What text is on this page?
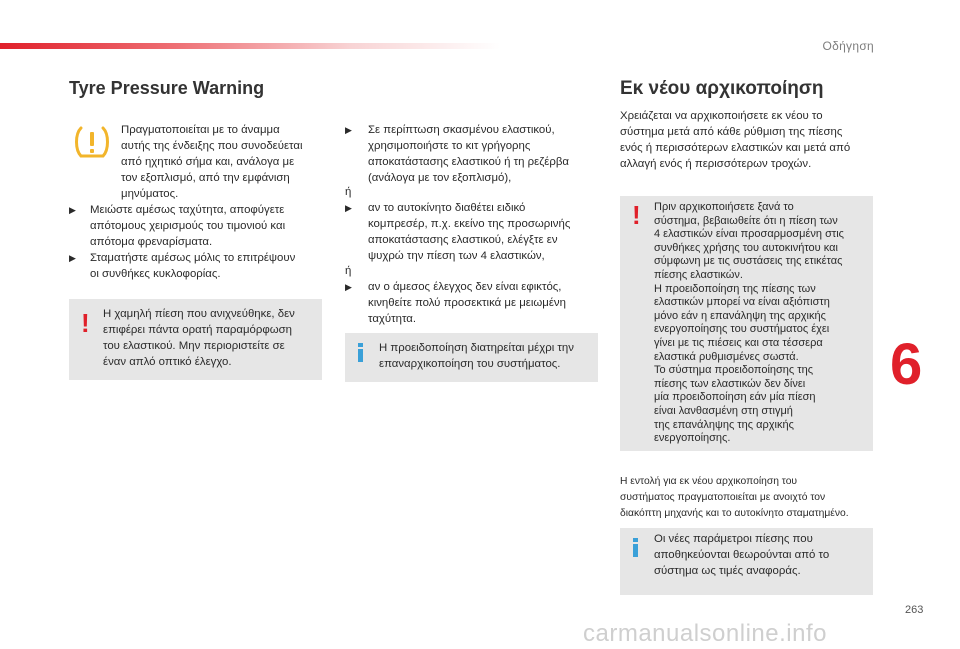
Οδήγηση
Tyre Pressure Warning
Πραγματοποιείται με το άναμμα
αυτής της ένδειξης που συνοδεύεται
από ηχητικό σήμα και, ανάλογα με
τον εξοπλισμό, από την εμφάνιση
μηνύματος.
▶ Μειώστε αμέσως ταχύτητα, αποφύγετε
απότομους χειρισμούς του τιμονιού και
απότομα φρεναρίσματα.
▶ Σταματήστε αμέσως μόλις το επιτρέψουν
οι συνθήκες κυκλοφορίας.
! Η χαμηλή πίεση που ανιχνεύθηκε, δεν
επιφέρει πάντα ορατή παραμόρφωση
του ελαστικού. Μην περιοριστείτε σε
έναν απλό οπτικό έλεγχο.
▶ Σε περίπτωση σκασμένου ελαστικού,
χρησιμοποιήστε το κιτ γρήγορης
αποκατάστασης ελαστικού ή τη ρεζέρβα
(ανάλογα με τον εξοπλισμό),
ή
▶ αν το αυτοκίνητο διαθέτει ειδικό
κομπρεσέρ, π.χ. εκείνο της προσωρινής
αποκατάστασης ελαστικού, ελέγξτε εν
ψυχρώ την πίεση των 4 ελαστικών,
ή
▶ αν ο άμεσος έλεγχος δεν είναι εφικτός,
κινηθείτε πολύ προσεκτικά με μειωμένη
ταχύτητα.
Η προειδοποίηση διατηρείται μέχρι την
επαναρχικοποίηση του συστήματος.
Εκ νέου αρχικοποίηση
Χρειάζεται να αρχικοποιήσετε εκ νέου το
σύστημα μετά από κάθε ρύθμιση της πίεσης
ενός ή περισσότερων ελαστικών και μετά από
αλλαγή ενός ή περισσότερων τροχών.
! Πριν αρχικοποιήσετε ξανά το
σύστημα, βεβαιωθείτε ότι η πίεση των
4 ελαστικών είναι προσαρμοσμένη στις
συνθήκες χρήσης του αυτοκινήτου και
σύμφωνη με τις συστάσεις της ετικέτας
πίεσης ελαστικών.
Η προειδοποίηση της πίεσης των
ελαστικών μπορεί να είναι αξιόπιστη
μόνο εάν η επανάληψη της αρχικής
ενεργοποίησης του συστήματος έχει
γίνει με τις πιέσεις και στα τέσσερα
ελαστικά ρυθμισμένες σωστά.
Το σύστημα προειδοποίησης της
πίεσης των ελαστικών δεν δίνει
μία προειδοποίηση εάν μία πίεση
είναι λανθασμένη στη στιγμή
της επανάληψης της αρχικής
ενεργοποίησης.
Η εντολή για εκ νέου αρχικοποίηση του
συστήματος πραγματοποιείται με ανοιχτό τον
διακόπτη μηχανής και το αυτοκίνητο σταματημένο.
Οι νέες παράμετροι πίεσης που
αποθηκεύονται θεωρούνται από το
σύστημα ως τιμές αναφοράς.
6
263
carmanualsonline.info
